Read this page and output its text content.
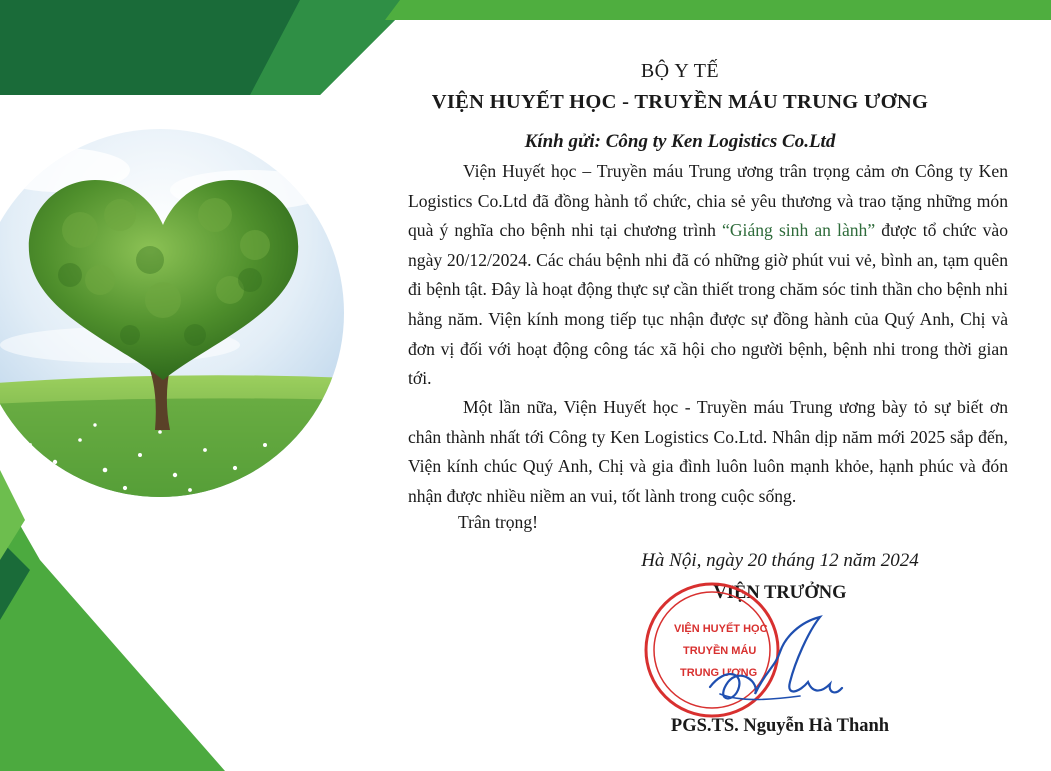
BỘ Y TẾ
VIỆN HUYẾT HỌC - TRUYỀN MÁU TRUNG ƯƠNG
Kính gửi: Công ty Ken Logistics Co.Ltd

Viện Huyết học – Truyền máu Trung ương trân trọng cảm ơn Công ty Ken Logistics Co.Ltd đã đồng hành tổ chức, chia sẻ yêu thương và trao tặng những món quà ý nghĩa cho bệnh nhi tại chương trình “Giáng sinh an lành” được tổ chức vào ngày 20/12/2024. Các cháu bệnh nhi đã có những giờ phút vui vẻ, bình an, tạm quên đi bệnh tật. Đây là hoạt động thực sự cần thiết trong chăm sóc tinh thần cho bệnh nhi hằng năm. Viện kính mong tiếp tục nhận được sự đồng hành của Quý Anh, Chị và đơn vị đối với hoạt động công tác xã hội cho người bệnh, bệnh nhi trong thời gian tới.

Một lần nữa, Viện Huyết học - Truyền máu Trung ương bày tỏ sự biết ơn chân thành nhất tới Công ty Ken Logistics Co.Ltd. Nhân dịp năm mới 2025 sắp đến, Viện kính chúc Quý Anh, Chị và gia đình luôn luôn mạnh khỏe, hạnh phúc và đón nhận được nhiều niềm an vui, tốt lành trong cuộc sống.

Trân trọng!
Hà Nội, ngày 20 tháng 12 năm 2024
VIỆN TRƯỞNG
VIỆN HUYẾT HỌC
TRUYỀN MÁU
TRUNG ƯƠNG
PGS.TS. Nguyễn Hà Thanh
